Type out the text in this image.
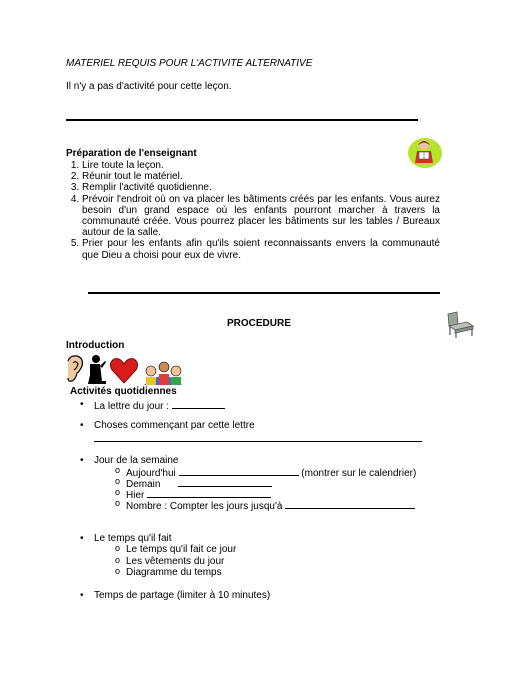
MATERIEL REQUIS POUR L'ACTIVITE ALTERNATIVE
Il n'y a pas d'activité pour cette leçon.
Préparation de l'enseignant
1. Lire toute la leçon.
2. Réunir tout le matériel.
3. Remplir l'activité quotidienne.
4. Prévoir l'endroit où on va placer les bâtiments créés par les enfants. Vous aurez besoin d'un grand espace où les enfants pourront marcher à travers la communauté créée. Vous pourrez placer les bâtiments sur les tables / Bureaux autour de la salle.
5. Prier pour les enfants afin qu'ils soient reconnaissants envers la communauté que Dieu a choisi pour eux de vivre.
PROCEDURE
Introduction
Activités quotidiennes
• La lettre du jour :
• Choses commençant par cette lettre
• Jour de la semaine
o Aujourd'hui	(montrer sur le calendrier)
o Demain
o Hier
o Nombre : Compter les jours jusqu'à
• Le temps qu'il fait
o Le temps qu'il fait ce jour
o Les vêtements du jour
o Diagramme du temps
• Temps de partage (limiter à 10 minutes)
